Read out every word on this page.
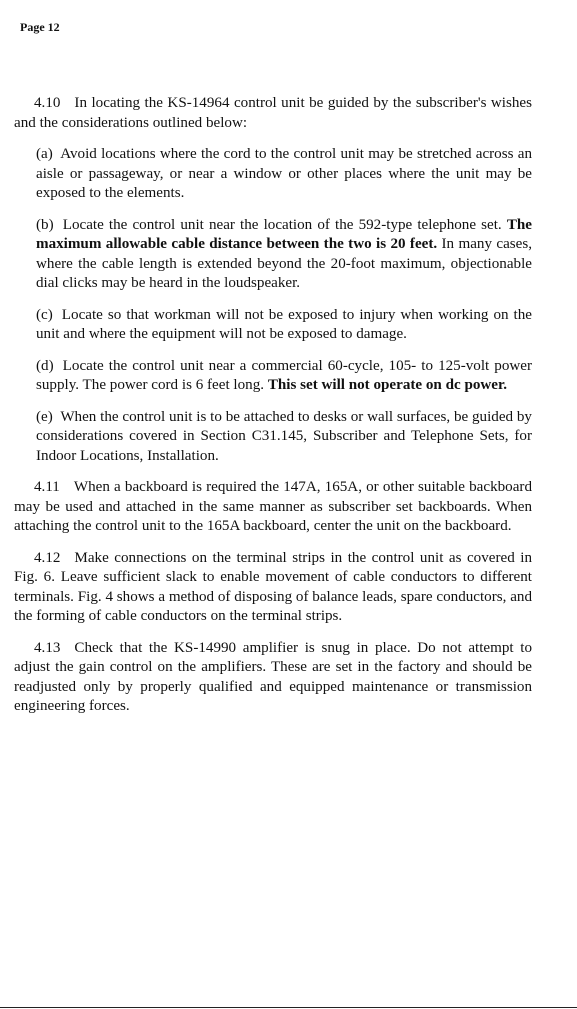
Page 12

4.10 In locating the KS-14964 control unit be guided by the subscriber's wishes and the considerations outlined below:

(a) Avoid locations where the cord to the control unit may be stretched across an aisle or passageway, or near a window or other places where the unit may be exposed to the elements.

(b) Locate the control unit near the location of the 592-type telephone set. The maximum allowable cable distance between the two is 20 feet. In many cases, where the cable length is extended beyond the 20-foot maximum, objectionable dial clicks may be heard in the loudspeaker.

(c) Locate so that workman will not be exposed to injury when working on the unit and where the equipment will not be exposed to damage.

(d) Locate the control unit near a commercial 60-cycle, 105- to 125-volt power supply. The power cord is 6 feet long. This set will not operate on dc power.

(e) When the control unit is to be attached to desks or wall surfaces, be guided by considerations covered in Section C31.145, Subscriber and Telephone Sets, for Indoor Locations, Installation.

4.11 When a backboard is required the 147A, 165A, or other suitable backboard may be used and attached in the same manner as subscriber set backboards. When attaching the control unit to the 165A backboard, center the unit on the backboard.

4.12 Make connections on the terminal strips in the control unit as covered in Fig. 6. Leave sufficient slack to enable movement of cable conductors to different terminals. Fig. 4 shows a method of disposing of balance leads, spare conductors, and the forming of cable conductors on the terminal strips.

4.13 Check that the KS-14990 amplifier is snug in place. Do not attempt to adjust the gain control on the amplifiers. These are set in the factory and should be readjusted only by properly qualified and equipped maintenance or transmission engineering forces.
